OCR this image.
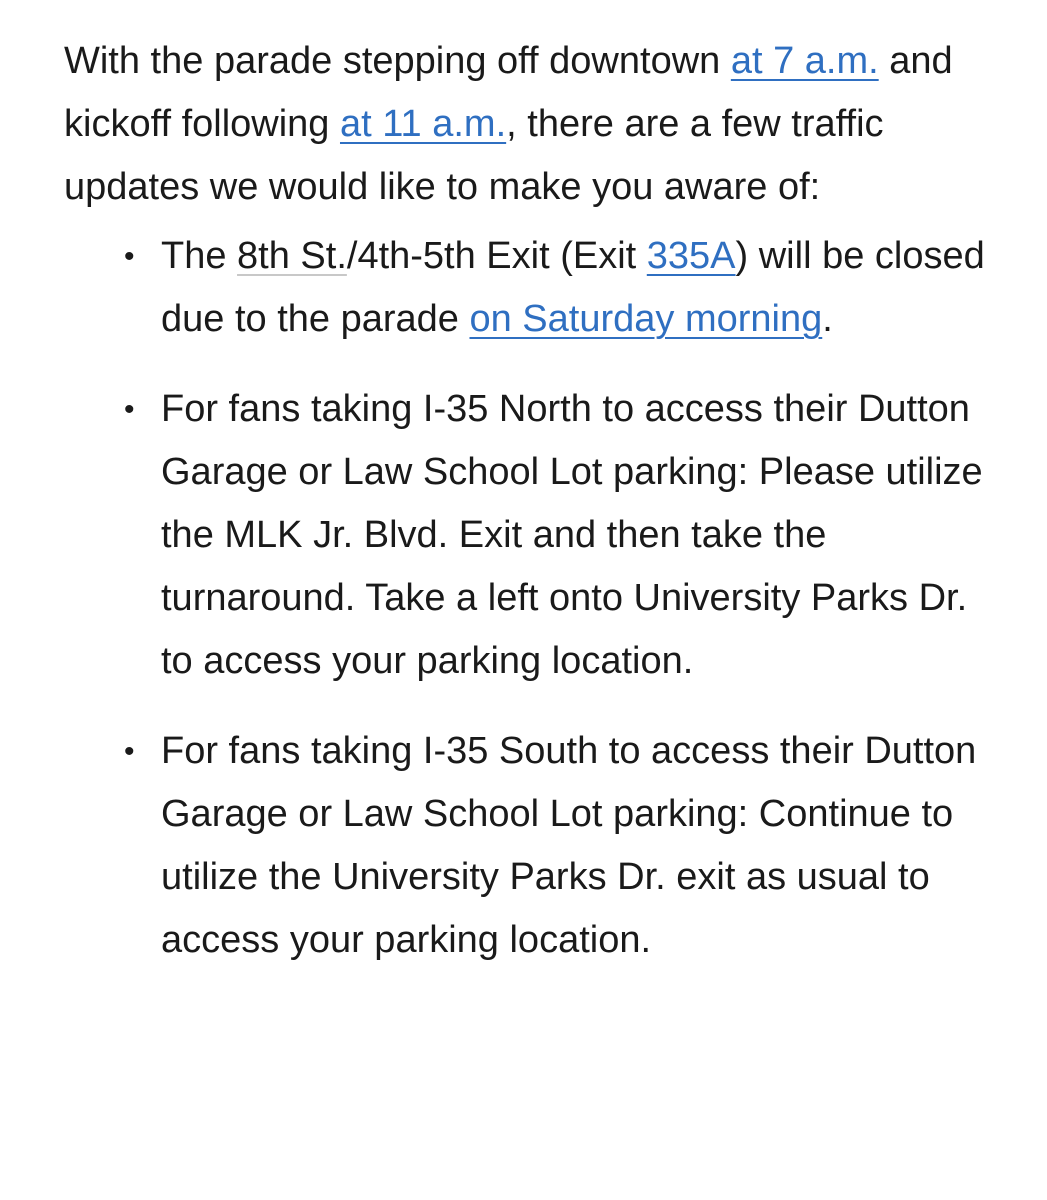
With the parade stepping off downtown at 7 a.m. and kickoff following at 11 a.m., there are a few traffic updates we would like to make you aware of:

• The 8th St./4th-5th Exit (Exit 335A) will be closed due to the parade on Saturday morning.
• For fans taking I-35 North to access their Dutton Garage or Law School Lot parking: Please utilize the MLK Jr. Blvd. Exit and then take the turnaround. Take a left onto University Parks Dr. to access your parking location.
• For fans taking I-35 South to access their Dutton Garage or Law School Lot parking: Continue to utilize the University Parks Dr. exit as usual to access your parking location.
